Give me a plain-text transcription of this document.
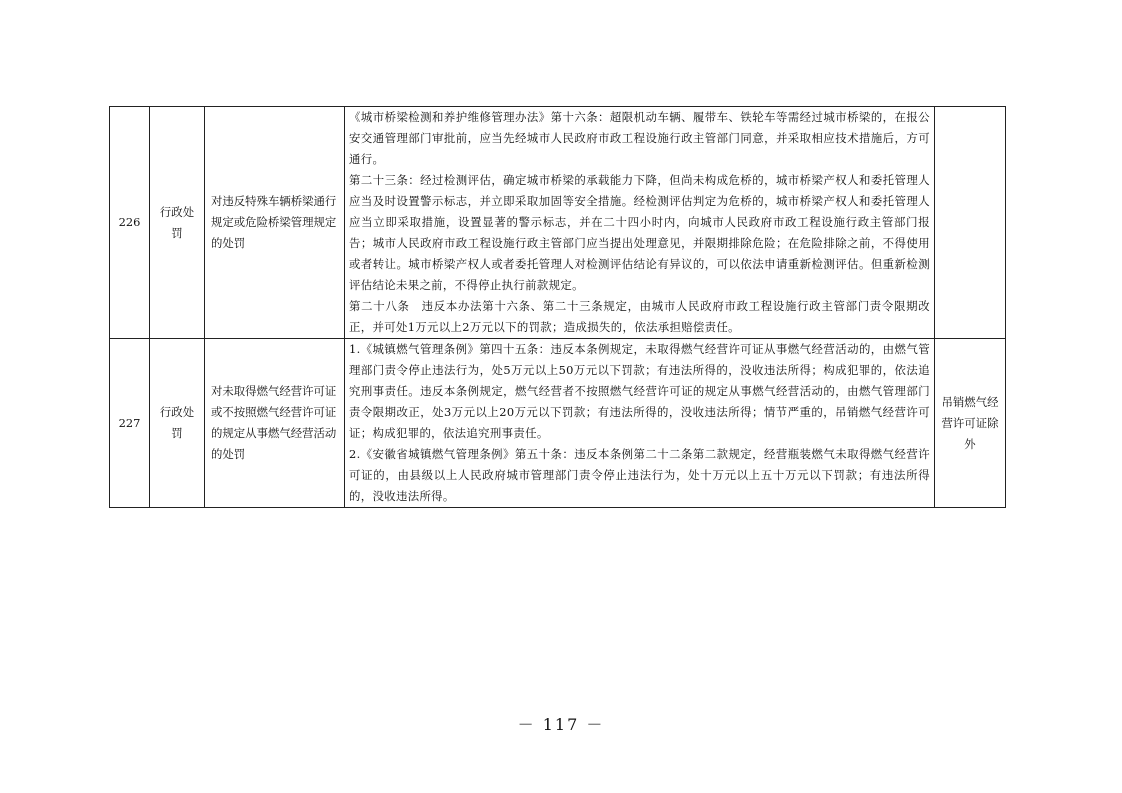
226	行政处罚	对违反特殊车辆桥梁通行规定或危险桥梁管理规定的处罚	《城市桥梁检测和养护维修管理办法》第十六条：超限机动车辆、履带车、铁轮车等需经过城市桥梁的，在报公安交通管理部门审批前，应当先经城市人民政府市政工程设施行政主管部门同意，并采取相应技术措施后，方可通行。

第二十三条：经过检测评估，确定城市桥梁的承载能力下降，但尚未构成危桥的，城市桥梁产权人和委托管理人应当及时设置警示标志，并立即采取加固等安全措施。经检测评估判定为危桥的，城市桥梁产权人和委托管理人应当立即采取措施，设置显著的警示标志，并在二十四小时内，向城市人民政府市政工程设施行政主管部门报告；城市人民政府市政工程设施行政主管部门应当提出处理意见，并限期排除危险；在危险排除之前，不得使用或者转让。城市桥梁产权人或者委托管理人对检测评估结论有异议的，可以依法申请重新检测评估。但重新检测评估结论未果之前，不得停止执行前款规定。

第二十八条　违反本办法第十六条、第二十三条规定，由城市人民政府市政工程设施行政主管部门责令限期改正，并可处1万元以上2万元以下的罚款；造成损失的，依法承担赔偿责任。	

227	行政处罚	对未取得燃气经营许可证或不按照燃气经营许可证的规定从事燃气经营活动的处罚	1.《城镇燃气管理条例》第四十五条：违反本条例规定，未取得燃气经营许可证从事燃气经营活动的，由燃气管理部门责令停止违法行为，处5万元以上50万元以下罚款；有违法所得的，没收违法所得；构成犯罪的，依法追究刑事责任。违反本条例规定，燃气经营者不按照燃气经营许可证的规定从事燃气经营活动的，由燃气管理部门责令限期改正，处3万元以上20万元以下罚款；有违法所得的，没收违法所得；情节严重的，吊销燃气经营许可证；构成犯罪的，依法追究刑事责任。

2.《安徽省城镇燃气管理条例》第五十条：违反本条例第二十二条第二款规定，经营瓶装燃气未取得燃气经营许可证的，由县级以上人民政府城市管理部门责令停止违法行为，处十万元以上五十万元以下罚款；有违法所得的，没收违法所得。	吊销燃气经营许可证除外
－ 117 －
